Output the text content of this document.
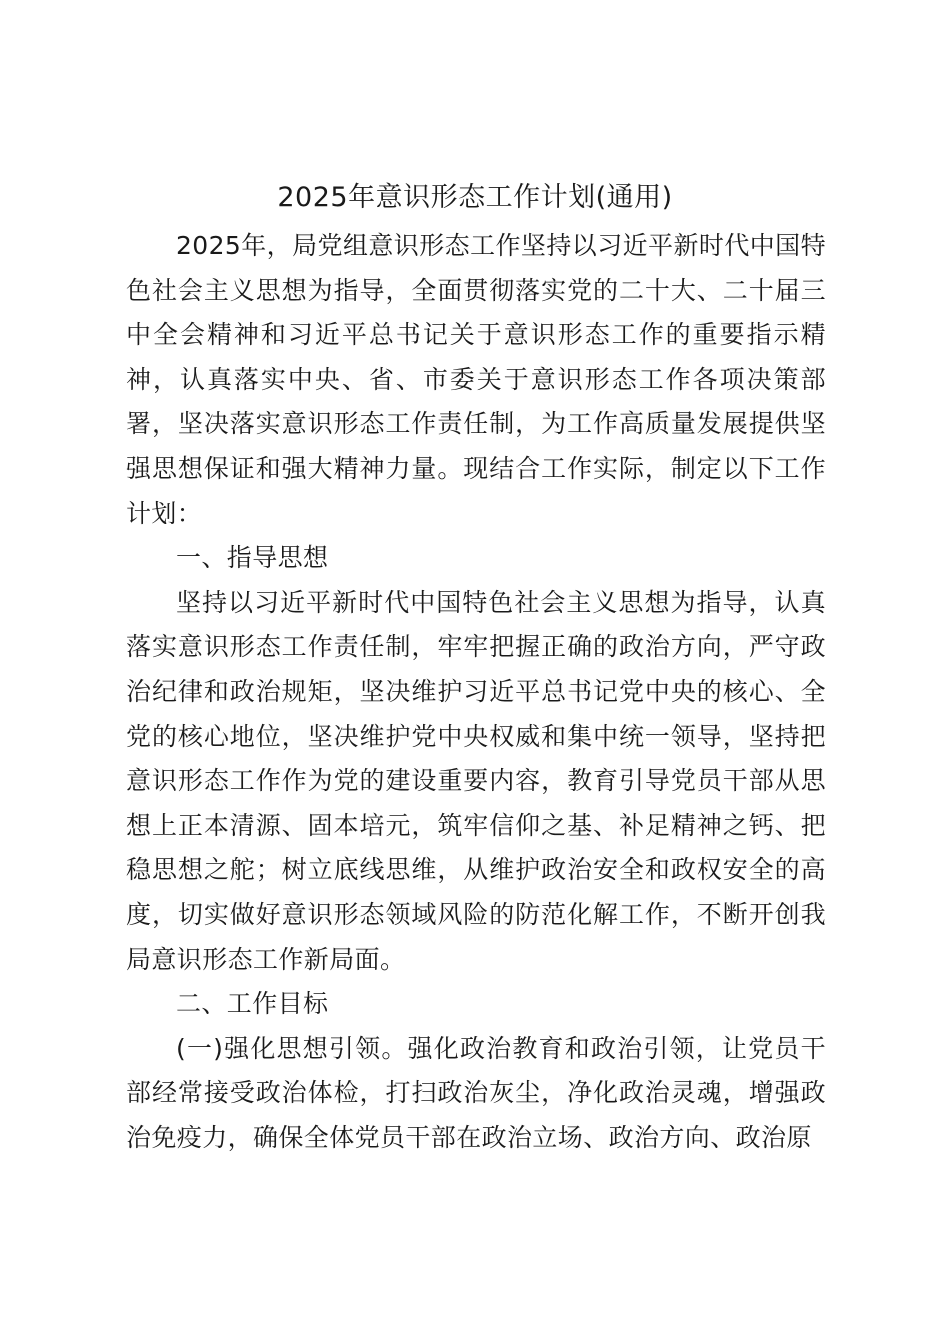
2025年意识形态工作计划(通用)

2025年，局党组意识形态工作坚持以习近平新时代中国特色社会主义思想为指导，全面贯彻落实党的二十大、二十届三中全会精神和习近平总书记关于意识形态工作的重要指示精神，认真落实中央、省、市委关于意识形态工作各项决策部署，坚决落实意识形态工作责任制，为工作高质量发展提供坚强思想保证和强大精神力量。现结合工作实际，制定以下工作计划：

一、指导思想

坚持以习近平新时代中国特色社会主义思想为指导，认真落实意识形态工作责任制，牢牢把握正确的政治方向，严守政治纪律和政治规矩，坚决维护习近平总书记党中央的核心、全党的核心地位，坚决维护党中央权威和集中统一领导，坚持把意识形态工作作为党的建设重要内容，教育引导党员干部从思想上正本清源、固本培元，筑牢信仰之基、补足精神之钙、把稳思想之舵；树立底线思维，从维护政治安全和政权安全的高度，切实做好意识形态领域风险的防范化解工作，不断开创我局意识形态工作新局面。

二、工作目标

(一)强化思想引领。强化政治教育和政治引领，让党员干部经常接受政治体检，打扫政治灰尘，净化政治灵魂，增强政治免疫力，确保全体党员干部在政治立场、政治方向、政治原
